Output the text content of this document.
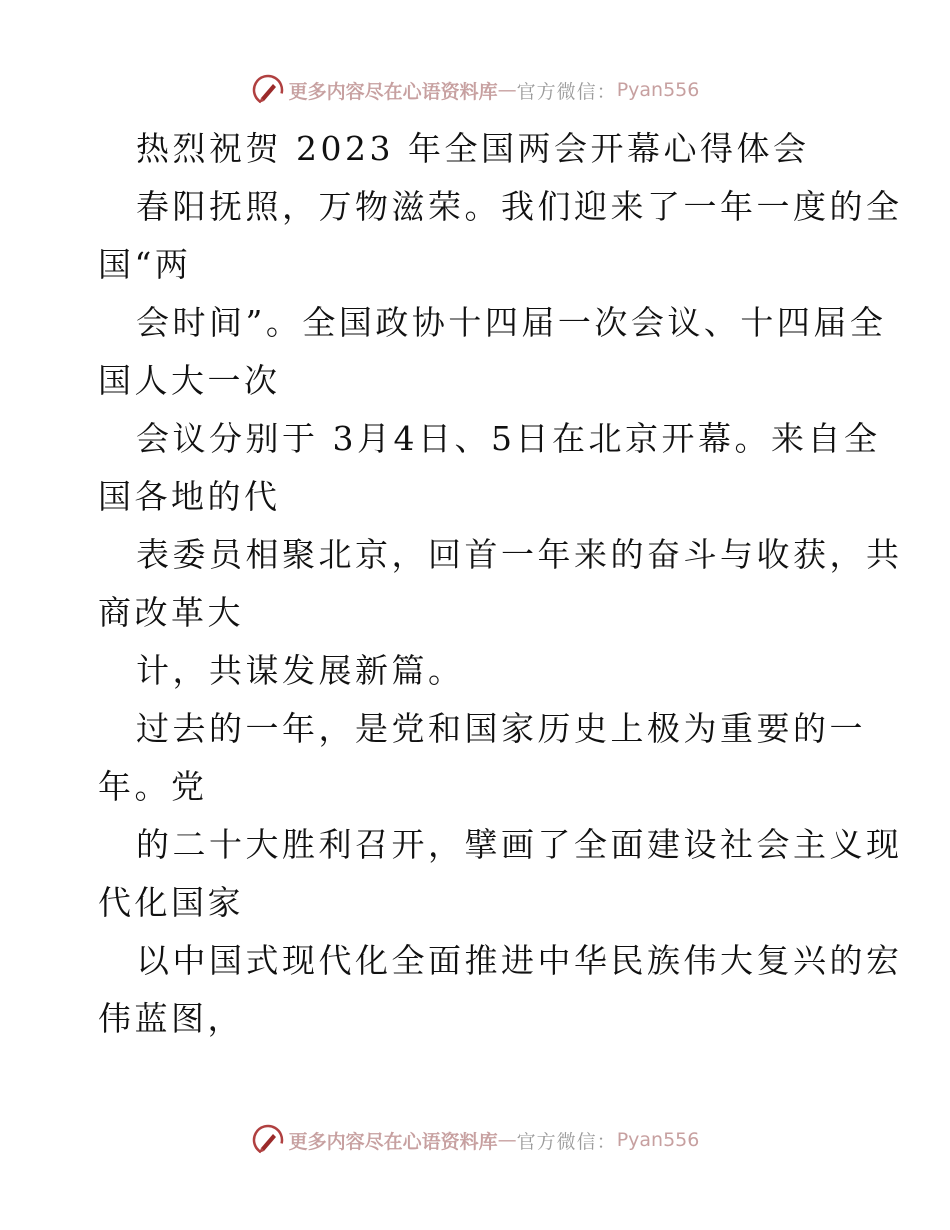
更多内容尽在心语资料库 — 官方微信： Pyan556
热烈祝贺 2023 年全国两会开幕心得体会
春阳抚照，万物滋荣。我们迎来了一年一度的全
国“两
会时间”。全国政协十四届一次会议、十四届全
国人大一次
会议分别于 3月4日、5日在北京开幕。来自全
国各地的代
表委员相聚北京，回首一年来的奋斗与收获，共
商改革大
计，共谋发展新篇。
过去的一年，是党和国家历史上极为重要的一
年。党
的二十大胜利召开，擘画了全面建设社会主义现
代化国家
以中国式现代化全面推进中华民族伟大复兴的宏
伟蓝图，
更多内容尽在心语资料库 — 官方微信： Pyan556
